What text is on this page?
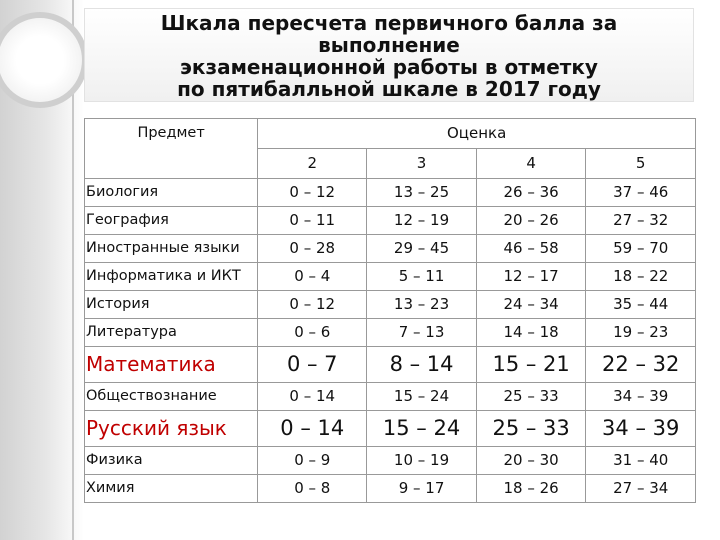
Шкала пересчета первичного балла за
выполнение
экзаменационной работы в отметку
по пятибалльной шкале в 2017 году
Предмет	Оценка			
	2	3	4	5
Биология	0 – 12	13 – 25	26 – 36	37 – 46
География	0 – 11	12 – 19	20 – 26	27 – 32
Иностранные языки	0 – 28	29 – 45	46 – 58	59 – 70
Информатика и ИКТ	0 – 4	5 – 11	12 – 17	18 – 22
История	0 – 12	13 – 23	24 – 34	35 – 44
Литература	0 – 6	7 – 13	14 – 18	19 – 23
Математика	0 – 7	8 – 14	15 – 21	22 – 32
Обществознание	0 – 14	15 – 24	25 – 33	34 – 39
Русский язык	0 – 14	15 – 24	25 – 33	34 – 39
Физика	0 – 9	10 – 19	20 – 30	31 – 40
Химия	0 – 8	9 – 17	18 – 26	27 – 34
